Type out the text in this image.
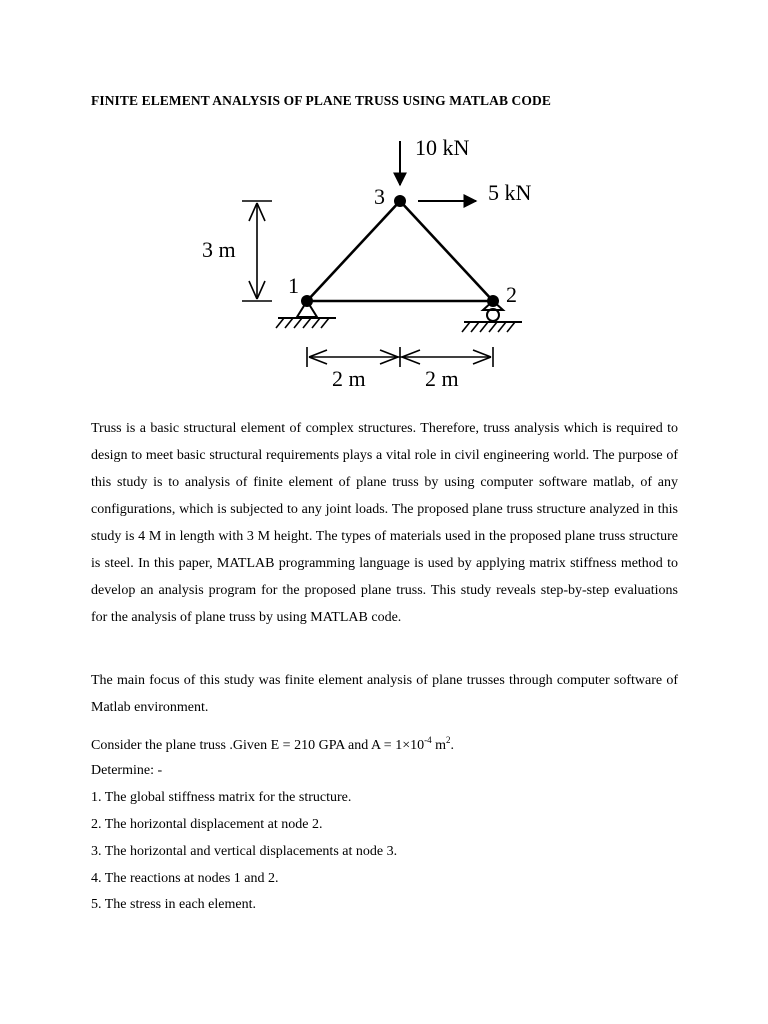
FINITE ELEMENT ANALYSIS OF PLANE TRUSS USING MATLAB CODE
10 kN
5 kN
3
1	2
3 m
2 m	2 m

Truss is a basic structural element of complex structures. Therefore, truss analysis which is required to design to meet basic structural requirements plays a vital role in civil engineering world. The purpose of this study is to analysis of finite element of plane truss by using computer software matlab, of any configurations, which is subjected to any joint loads. The proposed plane truss structure analyzed in this study is 4 M in length with 3 M height. The types of materials used in the proposed plane truss structure is steel. In this paper, MATLAB programming language is used by applying matrix stiffness method to develop an analysis program for the proposed plane truss. This study reveals step-by-step evaluations for the analysis of plane truss by using MATLAB code.

The main focus of this study was finite element analysis of plane trusses through computer software of Matlab environment.

Consider the plane truss .Given E = 210 GPA and $A = 1\times 10^{-4}$ $m^2$.
Determine: -
1. The global stiffness matrix for the structure.
2. The horizontal displacement at node 2.
3. The horizontal and vertical displacements at node 3.
4. The reactions at nodes 1 and 2.
5. The stress in each element.
